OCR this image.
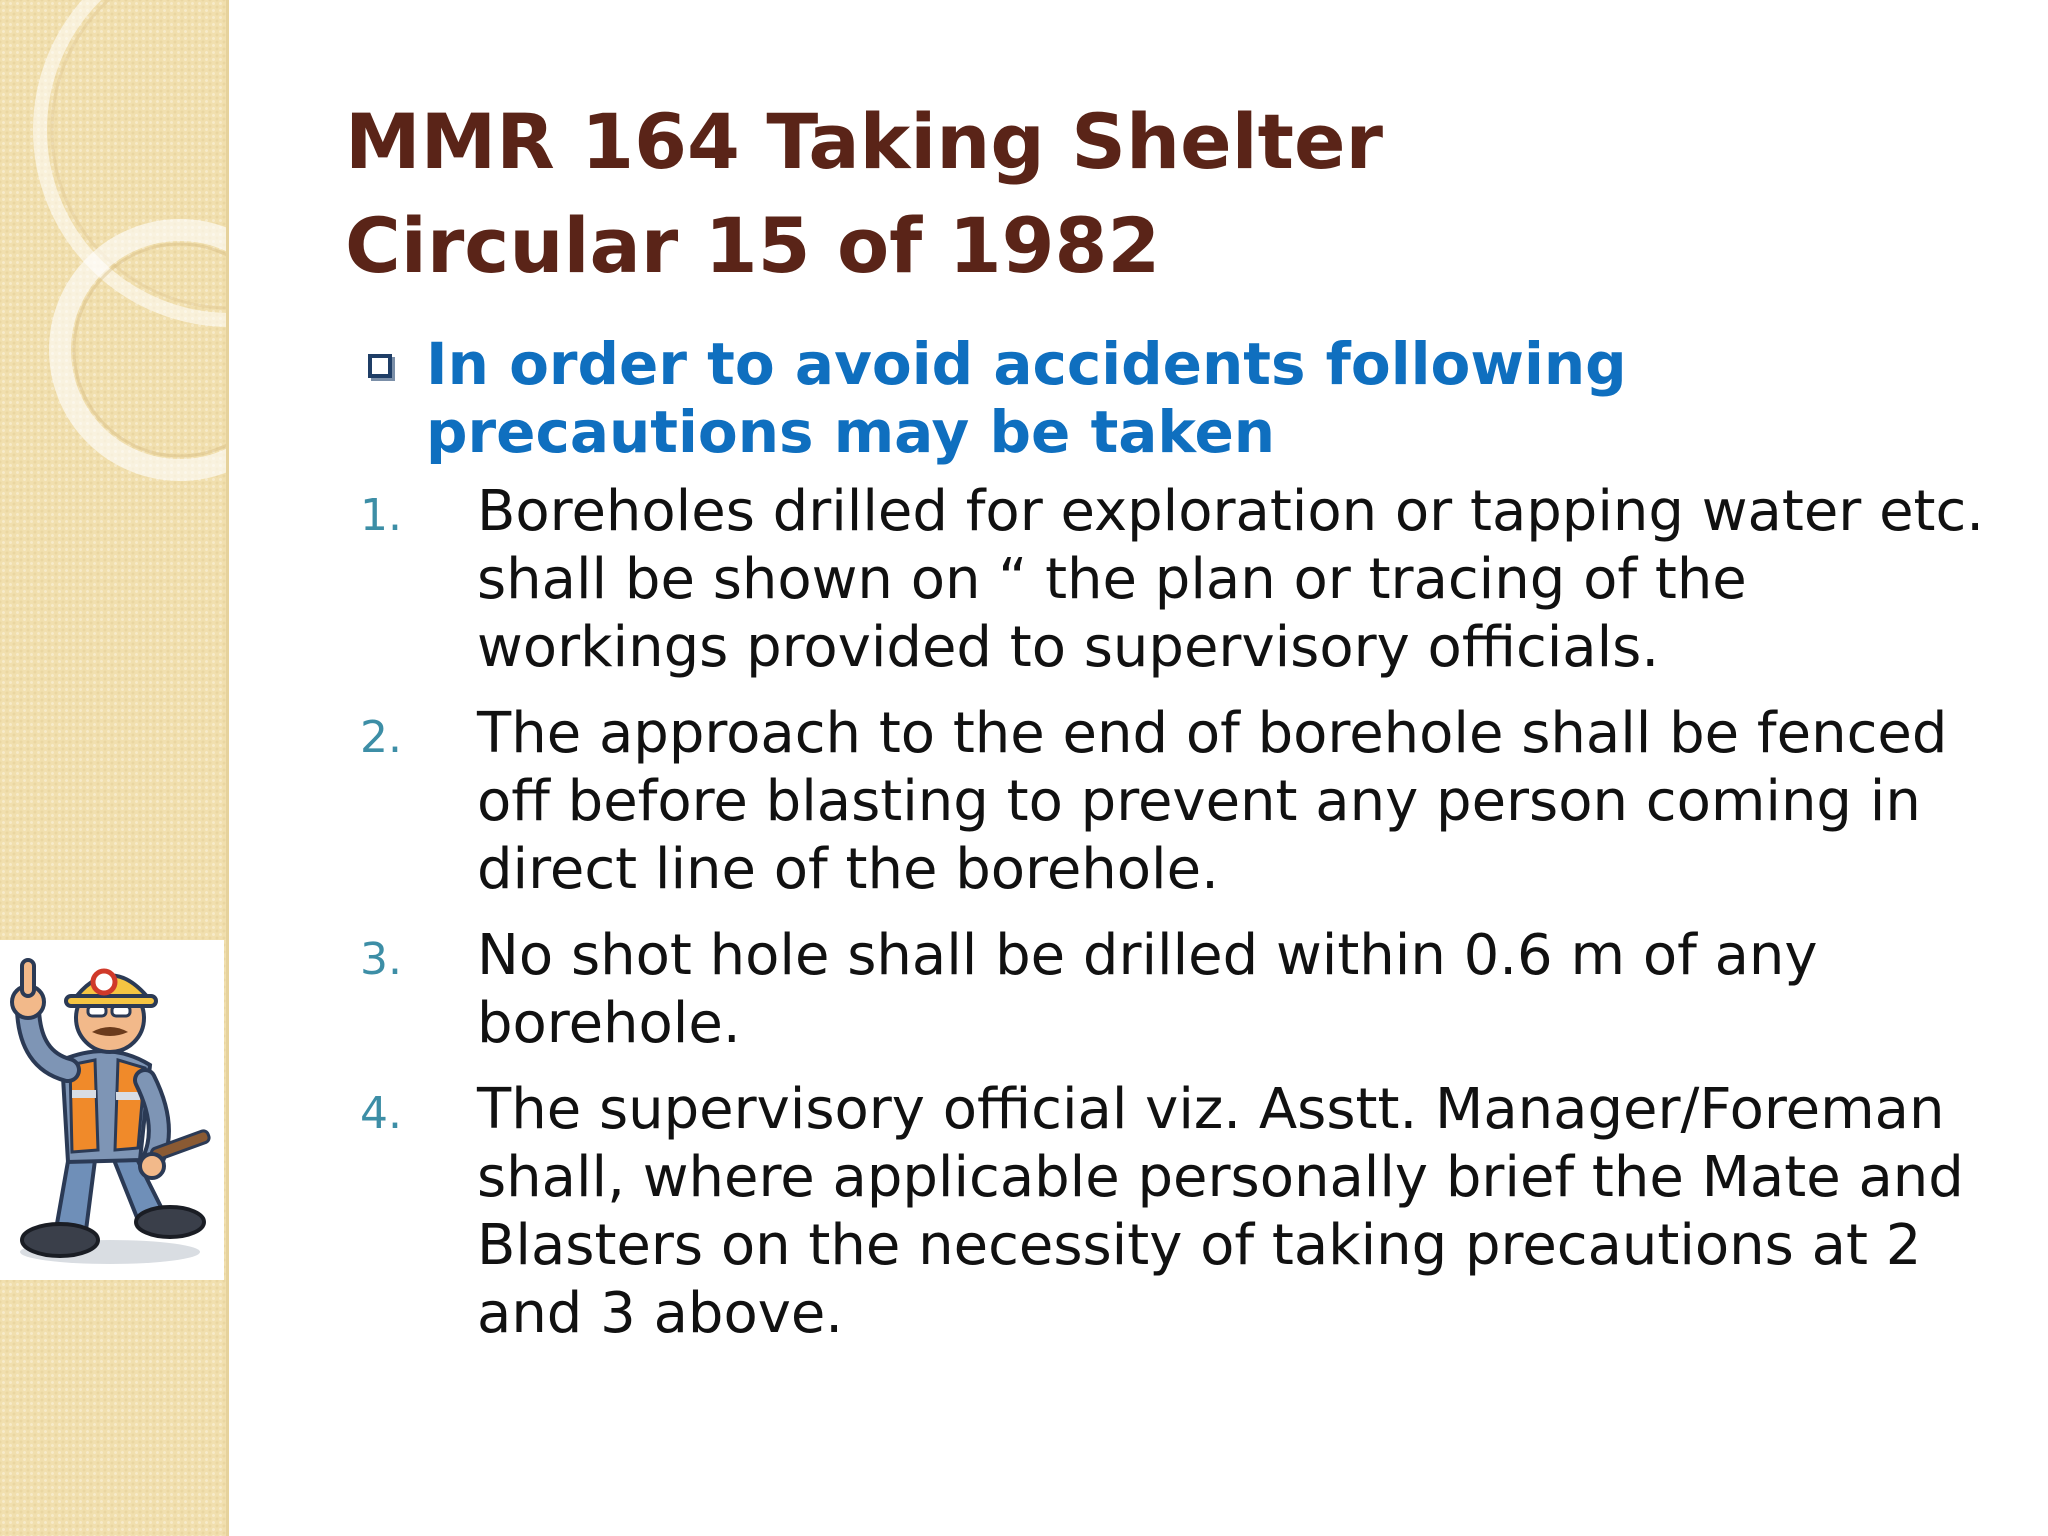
MMR 164 Taking Shelter
Circular 15 of 1982
In order to avoid accidents following precautions may be taken
1. Boreholes drilled for exploration or tapping water etc. shall be shown on “ the plan or tracing of the workings provided to supervisory officials.
2. The approach to the end of borehole shall be fenced off before blasting to prevent any person coming in direct line of the borehole.
3. No shot hole shall be drilled within 0.6 m of any borehole.
4. The supervisory official viz. Asstt. Manager/Foreman shall, where applicable personally brief the Mate and Blasters on the necessity of taking precautions at 2 and 3 above.
